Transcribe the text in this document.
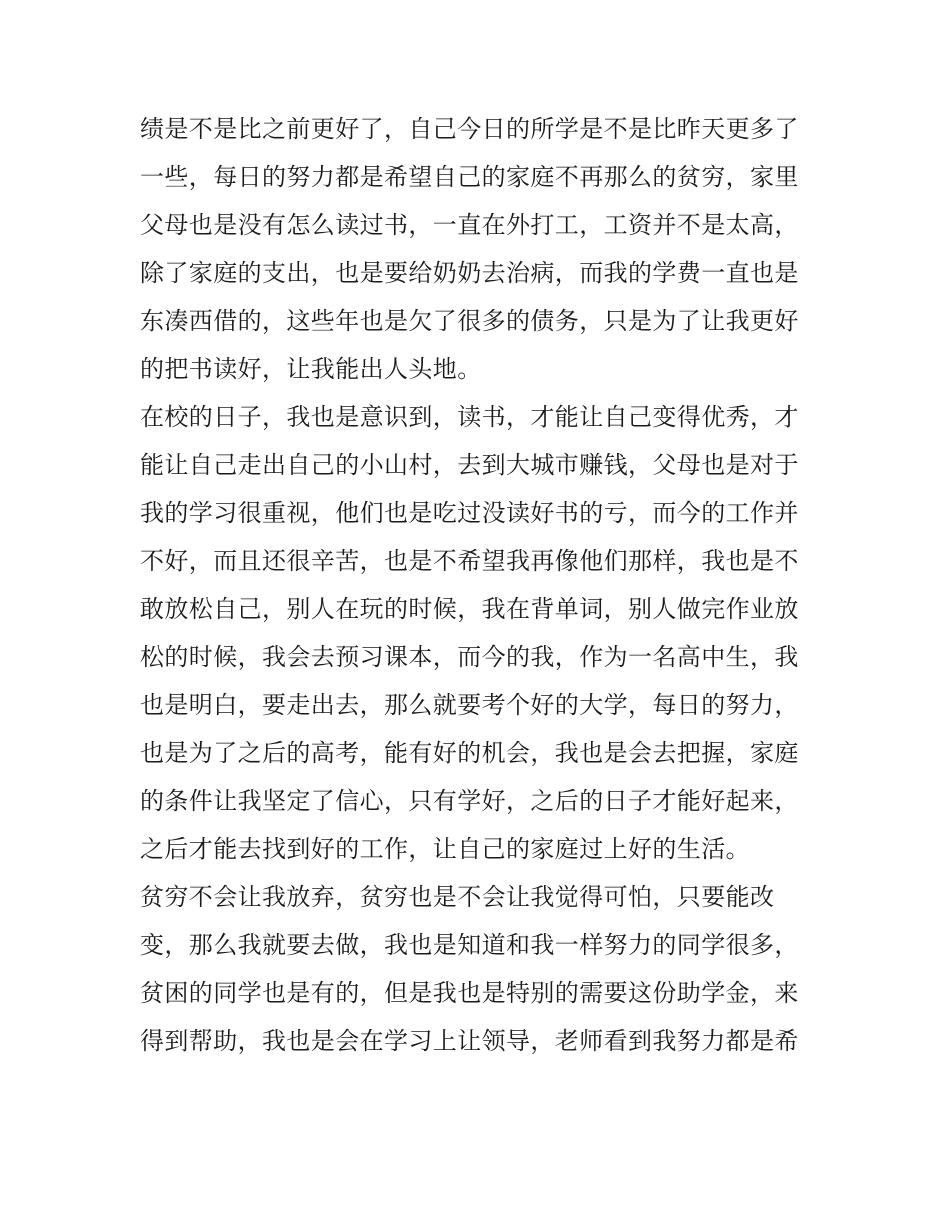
绩是不是比之前更好了，自己今日的所学是不是比昨天更多了
一些，每日的努力都是希望自己的家庭不再那么的贫穷，家里
父母也是没有怎么读过书，一直在外打工，工资并不是太高，
除了家庭的支出，也是要给奶奶去治病，而我的学费一直也是
东凑西借的，这些年也是欠了很多的债务，只是为了让我更好
的把书读好，让我能出人头地。
在校的日子，我也是意识到，读书，才能让自己变得优秀，才
能让自己走出自己的小山村，去到大城市赚钱，父母也是对于
我的学习很重视，他们也是吃过没读好书的亏，而今的工作并
不好，而且还很辛苦，也是不希望我再像他们那样，我也是不
敢放松自己，别人在玩的时候，我在背单词，别人做完作业放
松的时候，我会去预习课本，而今的我，作为一名高中生，我
也是明白，要走出去，那么就要考个好的大学，每日的努力，
也是为了之后的高考，能有好的机会，我也是会去把握，家庭
的条件让我坚定了信心，只有学好，之后的日子才能好起来，
之后才能去找到好的工作，让自己的家庭过上好的生活。
贫穷不会让我放弃，贫穷也是不会让我觉得可怕，只要能改
变，那么我就要去做，我也是知道和我一样努力的同学很多，
贫困的同学也是有的，但是我也是特别的需要这份助学金，来
得到帮助，我也是会在学习上让领导，老师看到我努力都是希
